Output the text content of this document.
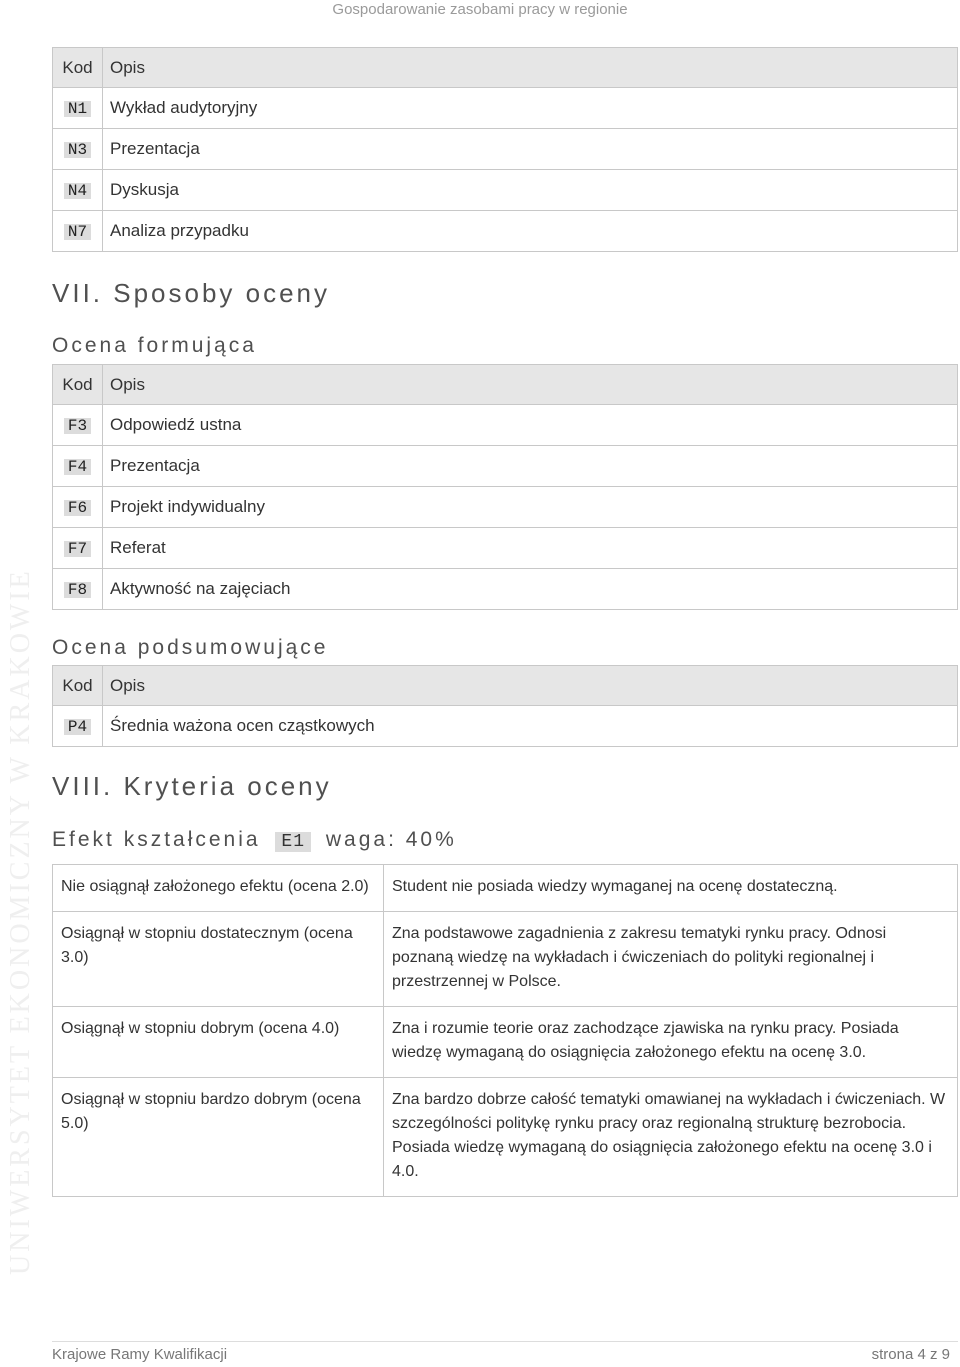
Gospodarowanie zasobami pracy w regionie
UNIWERSYTET EKONOMICZNY W KRAKOWIE
Kod	Opis
N1	Wykład audytoryjny
N3	Prezentacja
N4	Dyskusja
N7	Analiza przypadku
VII. Sposoby oceny
Ocena formująca
Kod	Opis
F3	Odpowiedź ustna
F4	Prezentacja
F6	Projekt indywidualny
F7	Referat
F8	Aktywność na zajęciach
Ocena podsumowujące
Kod	Opis
P4	Średnia ważona ocen cząstkowych
VIII. Kryteria oceny
Efekt kształcenia E1 waga: 40%
Nie osiągnął założonego efektu (ocena 2.0)	Student nie posiada wiedzy wymaganej na ocenę dostateczną.
Osiągnął w stopniu dostatecznym (ocena 3.0)	Zna podstawowe zagadnienia z zakresu tematyki rynku pracy. Odnosi poznaną wiedzę na wykładach i ćwiczeniach do polityki regionalnej i przestrzennej w Polsce.
Osiągnął w stopniu dobrym (ocena 4.0)	Zna i rozumie teorie oraz zachodzące zjawiska na rynku pracy. Posiada wiedzę wymaganą do osiągnięcia założonego efektu na ocenę 3.0.
Osiągnął w stopniu bardzo dobrym (ocena 5.0)	Zna bardzo dobrze całość tematyki omawianej na wykładach i ćwiczeniach. W szczególności politykę rynku pracy oraz regionalną strukturę bezrobocia. Posiada wiedzę wymaganą do osiągnięcia założonego efektu na ocenę 3.0 i 4.0.
Krajowe Ramy Kwalifikacji	strona 4 z 9
